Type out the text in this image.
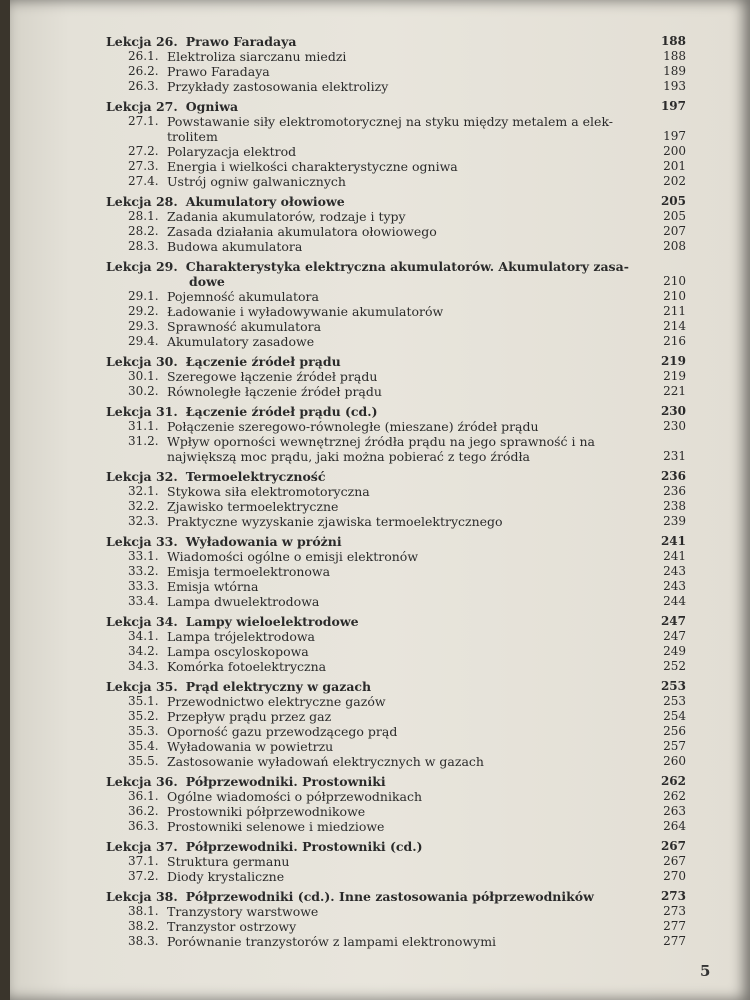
Lekcja 26. Prawo Faradaya	188
26.1. Elektroliza siarczanu miedzi	188
26.2. Prawo Faradaya	189
26.3. Przykłady zastosowania elektrolizy	193
Lekcja 27. Ogniwa	197
27.1. Powstawanie siły elektromotorycznej na styku między metalem a elek-
trolitem	197
27.2. Polaryzacja elektrod	200
27.3. Energia i wielkości charakterystyczne ogniwa	201
27.4. Ustrój ogniw galwanicznych	202
Lekcja 28. Akumulatory ołowiowe	205
28.1. Zadania akumulatorów, rodzaje i typy	205
28.2. Zasada działania akumulatora ołowiowego	207
28.3. Budowa akumulatora	208
Lekcja 29. Charakterystyka elektryczna akumulatorów. Akumulatory zasa-
dowe	210
29.1. Pojemność akumulatora	210
29.2. Ładowanie i wyładowywanie akumulatorów	211
29.3. Sprawność akumulatora	214
29.4. Akumulatory zasadowe	216
Lekcja 30. Łączenie źródeł prądu	219
30.1. Szeregowe łączenie źródeł prądu	219
30.2. Równoległe łączenie źródeł prądu	221
Lekcja 31. Łączenie źródeł prądu (cd.)	230
31.1. Połączenie szeregowo-równoległe (mieszane) źródeł prądu	230
31.2. Wpływ oporności wewnętrznej źródła prądu na jego sprawność i na
największą moc prądu, jaki można pobierać z tego źródła	231
Lekcja 32. Termoelektryczność	236
32.1. Stykowa siła elektromotoryczna	236
32.2. Zjawisko termoelektryczne	238
32.3. Praktyczne wyzyskanie zjawiska termoelektrycznego	239
Lekcja 33. Wyładowania w próżni	241
33.1. Wiadomości ogólne o emisji elektronów	241
33.2. Emisja termoelektronowa	243
33.3. Emisja wtórna	243
33.4. Lampa dwuelektrodowa	244
Lekcja 34. Lampy wieloelektrodowe	247
34.1. Lampa trójelektrodowa	247
34.2. Lampa oscyloskopowa	249
34.3. Komórka fotoelektryczna	252
Lekcja 35. Prąd elektryczny w gazach	253
35.1. Przewodnictwo elektryczne gazów	253
35.2. Przepływ prądu przez gaz	254
35.3. Oporność gazu przewodzącego prąd	256
35.4. Wyładowania w powietrzu	257
35.5. Zastosowanie wyładowań elektrycznych w gazach	260
Lekcja 36. Półprzewodniki. Prostowniki	262
36.1. Ogólne wiadomości o półprzewodnikach	262
36.2. Prostowniki półprzewodnikowe	263
36.3. Prostowniki selenowe i miedziowe	264
Lekcja 37. Półprzewodniki. Prostowniki (cd.)	267
37.1. Struktura germanu	267
37.2. Diody krystaliczne	270
Lekcja 38. Półprzewodniki (cd.). Inne zastosowania półprzewodników	273
38.1. Tranzystory warstwowe	273
38.2. Tranzystor ostrzowy	277
38.3. Porównanie tranzystorów z lampami elektronowymi	277
5
